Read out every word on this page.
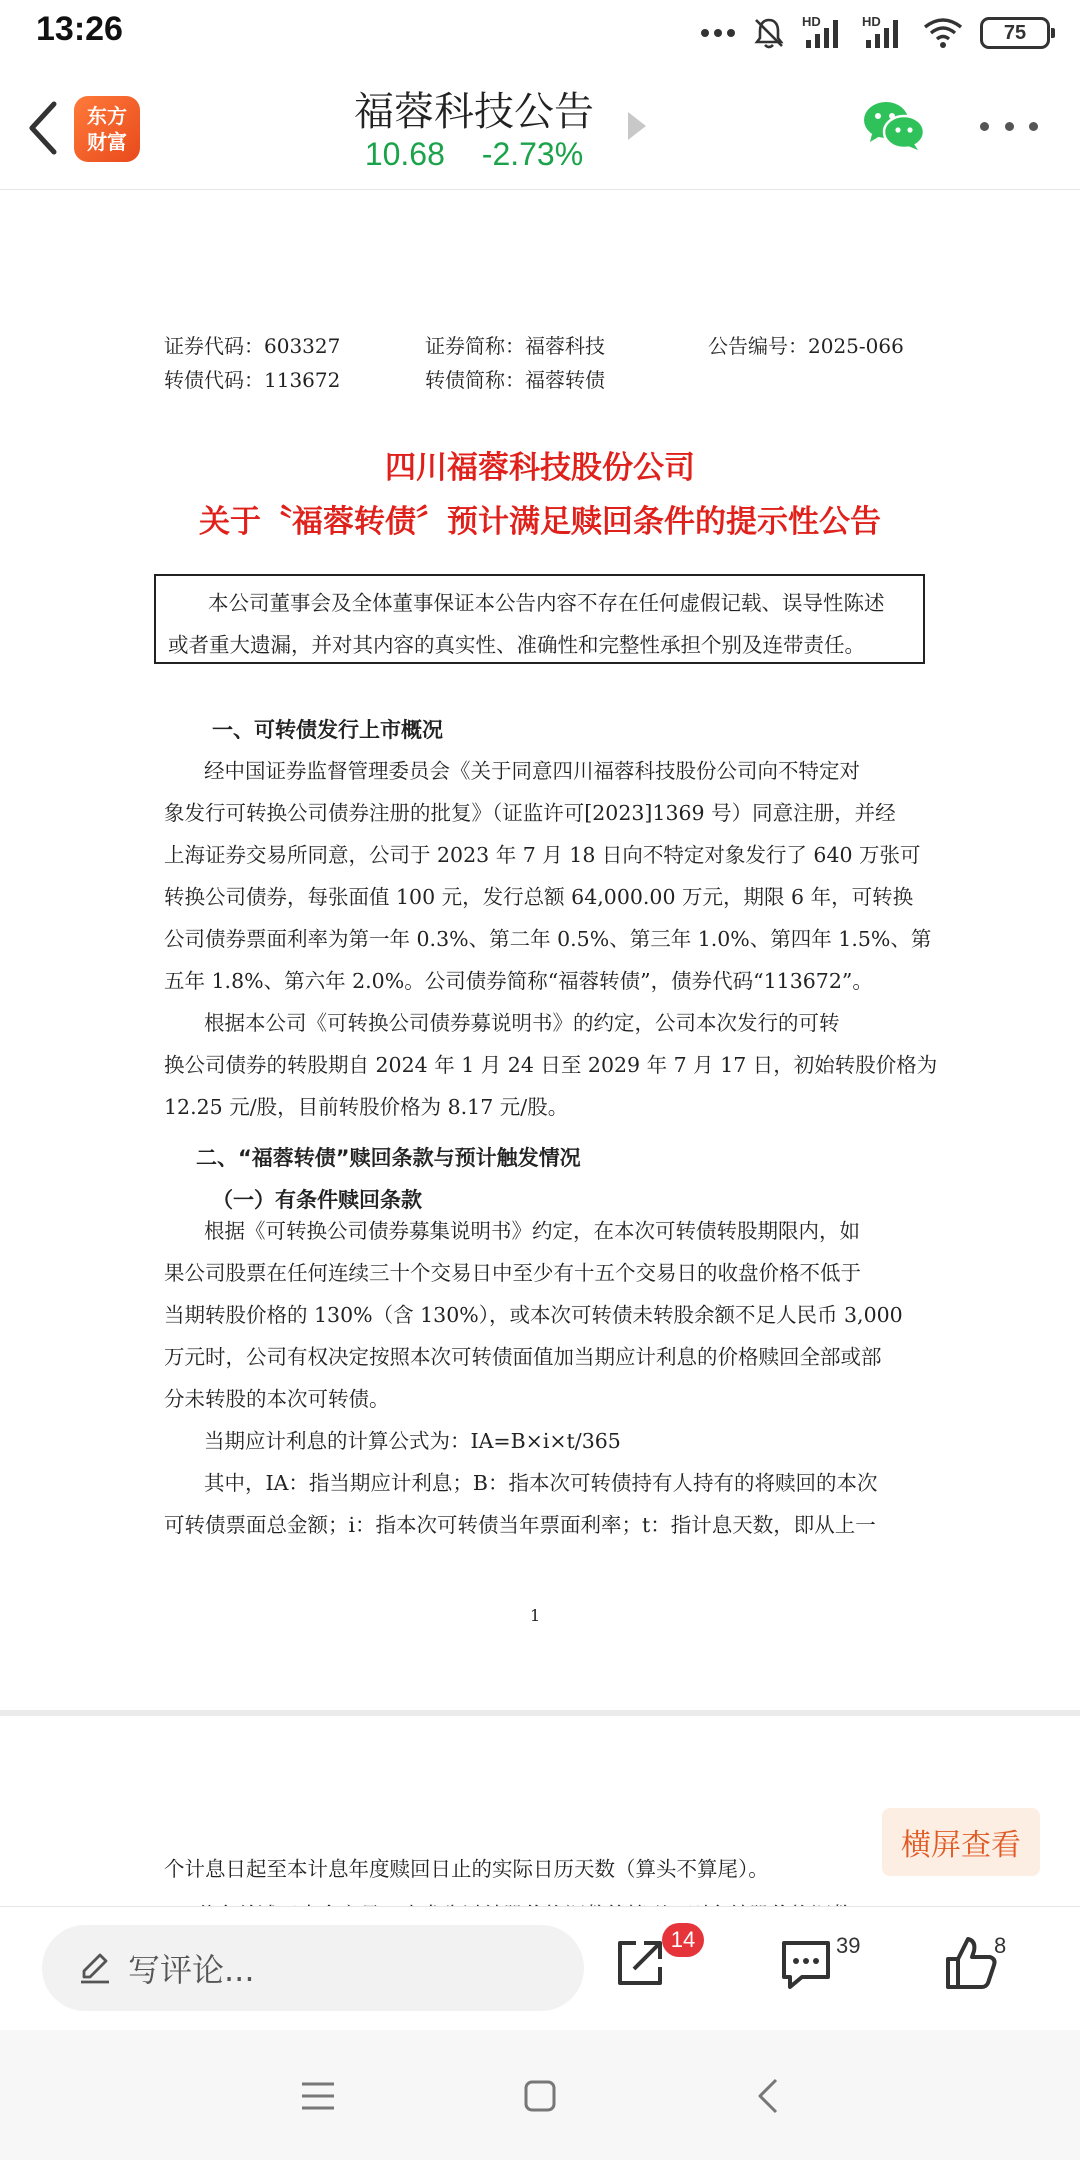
13:26	HD	HD	75
东方
财富
福蓉科技公告
10.68 -2.73%
证券代码：603327	证券简称：福蓉科技	公告编号：2025-066
转债代码：113672	转债简称：福蓉转债
四川福蓉科技股份公司
关于〝福蓉转债〞预计满足赎回条件的提示性公告
本公司董事会及全体董事保证本公告内容不存在任何虚假记载、误导性陈述
或者重大遗漏，并对其内容的真实性、准确性和完整性承担个别及连带责任。
一、可转债发行上市概况
经中国证券监督管理委员会《关于同意四川福蓉科技股份公司向不特定对
象发行可转换公司债券注册的批复》（证监许可[2023]1369 号）同意注册，并经
上海证券交易所同意，公司于 2023 年 7 月 18 日向不特定对象发行了 640 万张可
转换公司债券，每张面值 100 元，发行总额 64,000.00 万元，期限 6 年，可转换
公司债券票面利率为第一年 0.3%、第二年 0.5%、第三年 1.0%、第四年 1.5%、第
五年 1.8%、第六年 2.0%。公司债券简称“福蓉转债”，债券代码“113672”。
根据本公司《可转换公司债券募说明书》的约定，公司本次发行的可转
换公司债券的转股期自 2024 年 1 月 24 日至 2029 年 7 月 17 日，初始转股价格为
12.25 元/股，目前转股价格为 8.17 元/股。
二、“福蓉转债”赎回条款与预计触发情况
（一）有条件赎回条款
根据《可转换公司债券募集说明书》约定，在本次可转债转股期限内，如
果公司股票在任何连续三十个交易日中至少有十五个交易日的收盘价格不低于
当期转股价格的 130%（含 130%），或本次可转债未转股余额不足人民币 3,000
万元时，公司有权决定按照本次可转债面值加当期应计利息的价格赎回全部或部
分未转股的本次可转债。
当期应计利息的计算公式为：IA=B×i×t/365
其中，IA：指当期应计利息；B：指本次可转债持有人持有的将赎回的本次
可转债票面总金额；i：指本次可转债当年票面利率；t：指计息天数，即从上一
1
个计息日起至本计息年度赎回日止的实际日历天数（算头不算尾）。
横屏查看
写评论...
14	39	8
